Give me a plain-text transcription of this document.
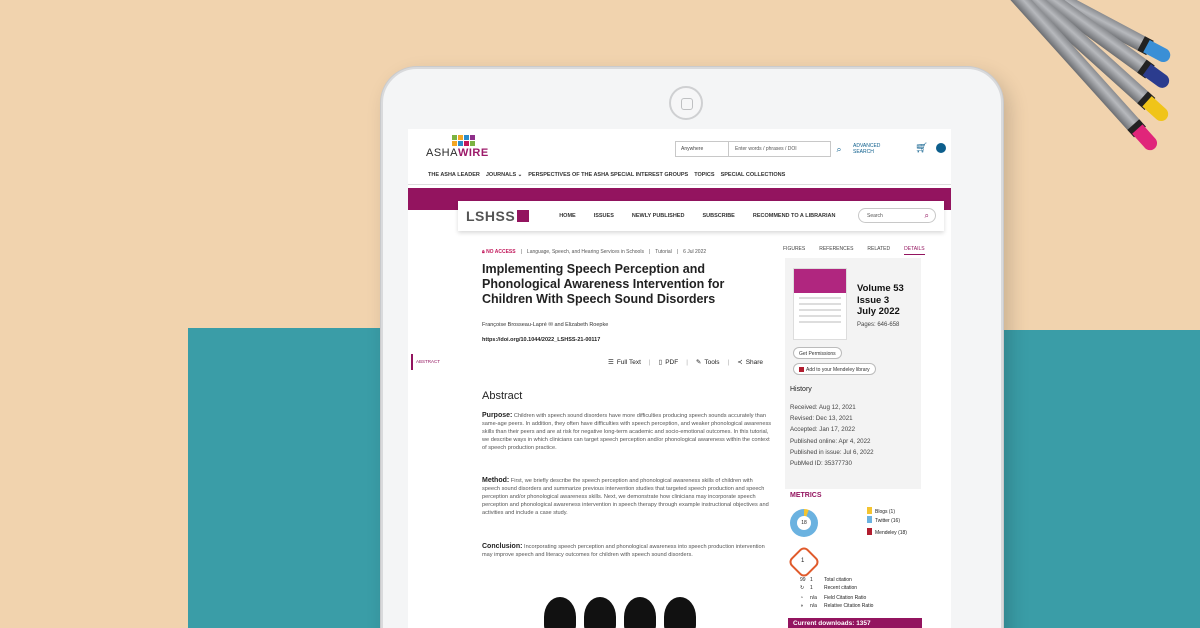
ASHAWIRE	Anywhere	Enter words / phrases / DOI	⌕	ADVANCED SEARCH	🛒︎
THE ASHA LEADER JOURNALS ⌄ PERSPECTIVES OF THE ASHA SPECIAL INTEREST GROUPS TOPICS SPECIAL COLLECTIONS
LSHSS	HOME	ISSUES	NEWLY PUBLISHED	SUBSCRIBE	RECOMMEND TO A LIBRARIAN	Search	⌕
🔒︎ NO ACCESS | Language, Speech, and Hearing Services in Schools | Tutorial | 6 Jul 2022
Implementing Speech Perception and Phonological Awareness Intervention for Children With Speech Sound Disorders
Françoise Brosseau-Lapré ✉ and Elizabeth Roepke
https://doi.org/10.1044/2022_LSHSS-21-00117
ABSTRACT	☰ Full Text | ▯ PDF | ✎ Tools | ≺ Share
Abstract
Purpose: Children with speech sound disorders have more difficulties producing speech sounds accurately than same-age peers. In addition, they often have difficulties with speech perception, and weaker phonological awareness skills than their peers and are at risk for negative long-term academic and socio-emotional outcomes. In this tutorial, we describe ways in which clinicians can target speech perception and/or phonological awareness within the context of speech production practice.
Method: First, we briefly describe the speech perception and phonological awareness skills of children with speech sound disorders and summarize previous intervention studies that targeted speech production and speech perception and/or phonological awareness skills. Next, we demonstrate how clinicians may incorporate speech perception and phonological awareness intervention in speech therapy through example instructional objectives and activities and include a case study.
Conclusion: Incorporating speech perception and phonological awareness into speech production intervention may improve speech and literacy outcomes for children with speech sound disorders.
FIGURES	REFERENCES	RELATED	DETAILS
Volume 53
Issue 3
July 2022
Pages: 646-658
Get Permissions
Add to your Mendeley library
History
Received: Aug 12, 2021
Revised: Dec 13, 2021
Accepted: Jan 17, 2022
Published online: Apr 4, 2022
Published in issue: Jul 6, 2022
PubMed ID: 35377730
METRICS
18
Blogs (1)
Twitter (16)
Mendeley (18)
1
99 1 Total citation
↻ 1 Recent citation
◔ n/a Field Citation Ratio
◑ n/a Relative Citation Ratio
Current downloads: 1357
